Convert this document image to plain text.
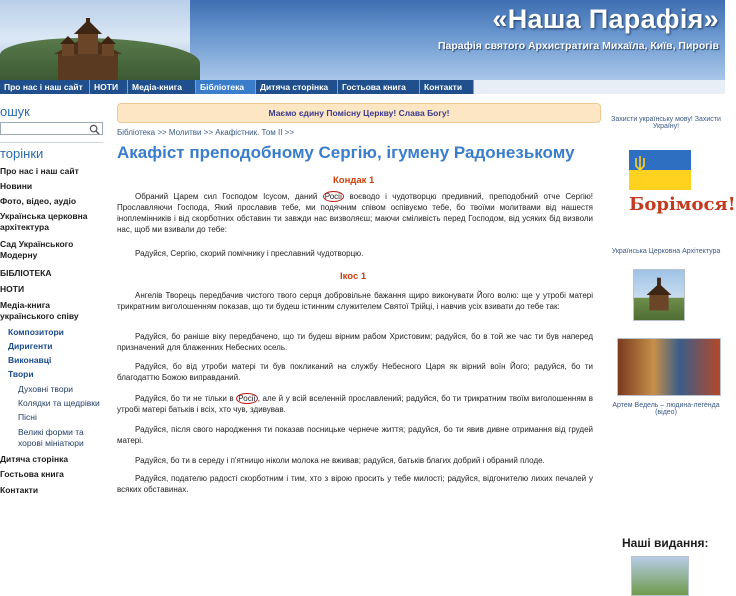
«Наша Парафія»
Парафія святого Архистратига Михаїла, Київ, Пирогів
Про нас і наш сайт	НОТИ	Медіа-книга	Бібліотека	Дитяча сторінка	Гостьова книга	Контакти
ошук
торінки
Про нас і наш сайт
Новини
Фото, відео, аудіо
Українська церковна
архітектура
Сад Українського
Модерну
БІБЛІОТЕКА
НОТИ
Медіа-книга
українського співу
Композитори
Диригенти
Виконавці
Твори
Духовні твори
Колядки та щедрівки
Пісні
Великі форми та
хорові мініатюри
Дитяча сторінка
Гостьова книга
Контакти
Маємо єдину Помісну Церкву! Слава Богу!
Бібліотека >> Молитви >> Акафістник. Том ІІ >>
Акафіст преподобному Сергію, ігумену Радонезькому
Кондак 1
Обраний Царем сил Господом Ісусом, даний Росії воєводо і чудотворцю предивний, преподобний отче Сергію! Прославляючи Господа, Який прославив тебе, ми подячним співом оспівуємо тебе, бо твоїми молитвами від нашестя іноплемінників і від скорботних обставин ти завжди нас визволяєш; маючи сміливість перед Господом, від усяких бід визволи нас, щоб ми взивали до тебе:
Радуйся, Сергію, скорий помічнику і преславний чудотворцю.
Ікос 1
Ангелів Творець передбачив чистого твого серця добровільне бажання щиро виконувати Його волю: ще у утробі матері трикратним виголошенням показав, що ти будеш істинним служителем Святої Трійці, і навчив усіх взивати до тебе так:
Радуйся, бо раніше віку передбачено, що ти будеш вірним рабом Христовим; радуйся, бо в той же час ти був наперед призначений для блаженних Небесних осель.
Радуйся, бо від утроби матері ти був покликаний на службу Небесного Царя як вірний воїн Його; радуйся, бо ти благодаттю Божою виправданий.
Радуйся, бо ти не тільки в Росії , але й у всій вселенній прославлений; радуйся, бо ти трикратним твоїм виголошенням в утробі матері батьків і всіх, хто чув, здивував.
Радуйся, після свого народження ти показав посницьке чернече життя; радуйся, бо ти явив дивне отримання від грудей матері.
Радуйся, бо ти в середу і п'ятницю ніколи молока не вживав; радуйся, батьків благих добрий і обраний плоде.
Радуйся, подателю радості скорботним і тим, хто з вірою просить у тебе милості; радуйся, відгонителю лихих печалей у всяких обставинах.
Захисти українську мову! Захисти Україну!
Борімося!
Українська Церковна Архітектура
Артем Ведель – людина-легенда (відео)
Наші видання:
